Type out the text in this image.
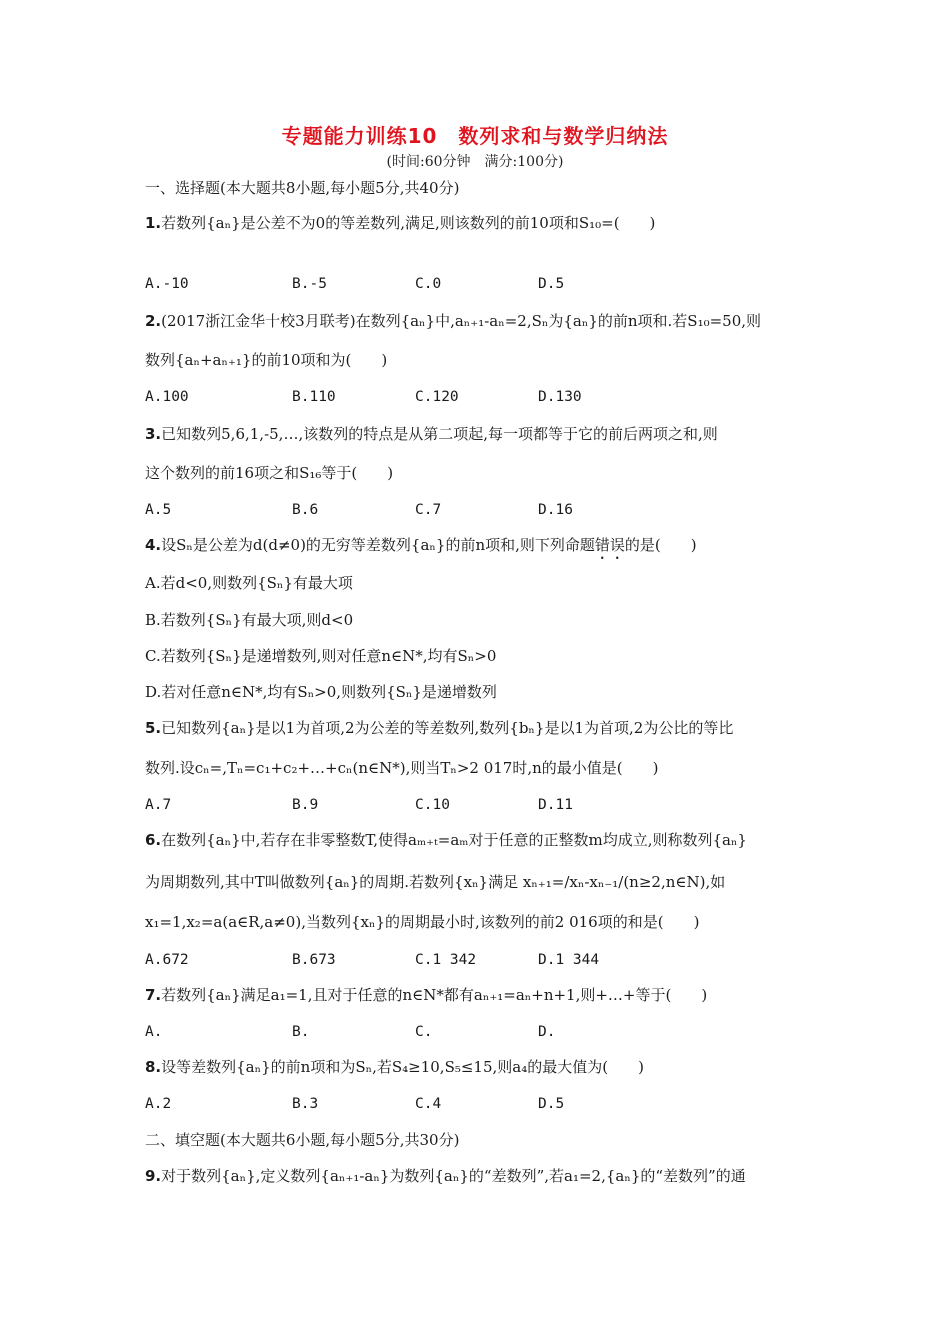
专题能力训练10　数列求和与数学归纳法
(时间:60分钟　满分:100分)
一、选择题(本大题共8小题,每小题5分,共40分)
1.若数列{aₙ}是公差不为0的等差数列,满足,则该数列的前10项和S₁₀=(　　)
A.-10	B.-5	C.0	D.5
2.(2017浙江金华十校3月联考)在数列{aₙ}中,aₙ₊₁-aₙ=2,Sₙ为{aₙ}的前n项和.若S₁₀=50,则
数列{aₙ+aₙ₊₁}的前10项和为(　　)
A.100	B.110	C.120	D.130
3.已知数列5,6,1,-5,…,该数列的特点是从第二项起,每一项都等于它的前后两项之和,则
这个数列的前16项之和S₁₆等于(　　)
A.5	B.6	C.7	D.16
4.设Sₙ是公差为d(d≠0)的无穷等差数列{aₙ}的前n项和,则下列命题错误的是(　　)
A.若d<0,则数列{Sₙ}有最大项
B.若数列{Sₙ}有最大项,则d<0
C.若数列{Sₙ}是递增数列,则对任意n∈N*,均有Sₙ>0
D.若对任意n∈N*,均有Sₙ>0,则数列{Sₙ}是递增数列
5.已知数列{aₙ}是以1为首项,2为公差的等差数列,数列{bₙ}是以1为首项,2为公比的等比
数列.设cₙ=,Tₙ=c₁+c₂+…+cₙ(n∈N*),则当Tₙ>2 017时,n的最小值是(　　)
A.7	B.9	C.10	D.11
6.在数列{aₙ}中,若存在非零整数T,使得aₘ₊ₜ=aₘ对于任意的正整数m均成立,则称数列{aₙ}
为周期数列,其中T叫做数列{aₙ}的周期.若数列{xₙ}满足 xₙ₊₁=/xₙ-xₙ₋₁/(n≥2,n∈N),如
x₁=1,x₂=a(a∈R,a≠0),当数列{xₙ}的周期最小时,该数列的前2 016项的和是(　　)
A.672	B.673	C.1 342	D.1 344
7.若数列{aₙ}满足a₁=1,且对于任意的n∈N*都有aₙ₊₁=aₙ+n+1,则+…+等于(　　)
A.	B.	C.	D.
8.设等差数列{aₙ}的前n项和为Sₙ,若S₄≥10,S₅≤15,则a₄的最大值为(　　)
A.2	B.3	C.4	D.5
二、填空题(本大题共6小题,每小题5分,共30分)
9.对于数列{aₙ},定义数列{aₙ₊₁-aₙ}为数列{aₙ}的“差数列”,若a₁=2,{aₙ}的“差数列”的通
